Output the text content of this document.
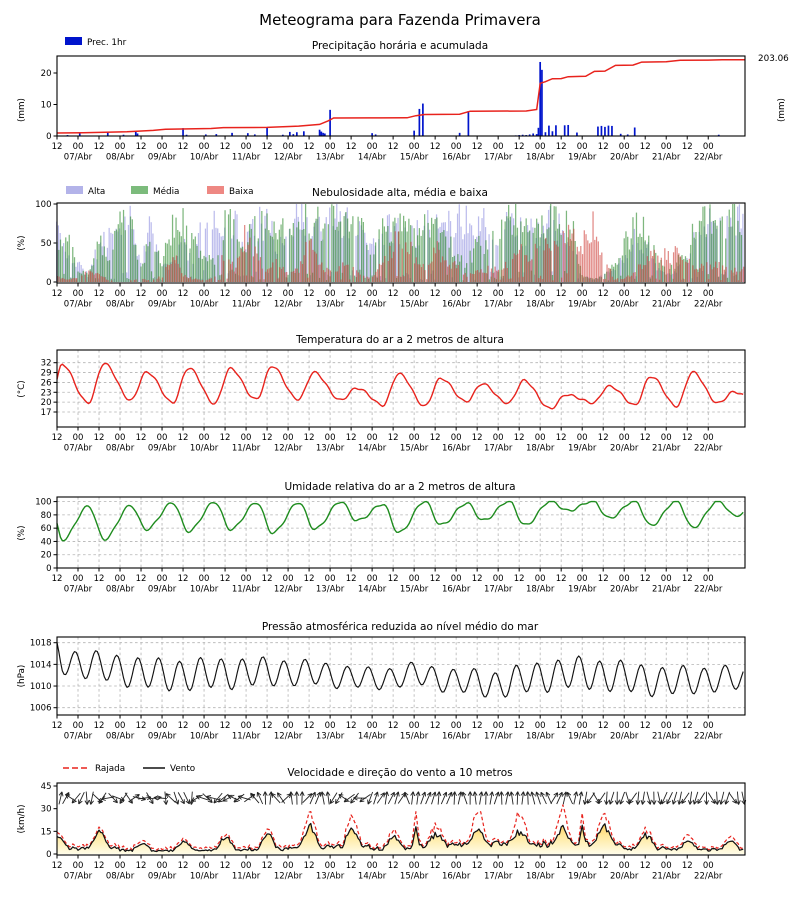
Meteograma para Fazenda Primavera
Precipitação horária e acumulada
Prec. 1hr
(mm)
203.06
(mm)
Nebulosidade alta, média e baixa
Alta	Média	Baixa
(%)
Temperatura do ar a 2 metros de altura
(°C)
Umidade relativa do ar a 2 metros de altura
(%)
Pressão atmosférica reduzida ao nível médio do mar
(hPa)
Velocidade e direção do vento a 10 metros
Rajada	Vento
(km/h)
12 00
07/Abr
12 00
08/Abr
12 00
09/Abr
12 00
10/Abr
12 00
11/Abr
12 00
12/Abr
12 00
13/Abr
12 00
14/Abr
12 00
15/Abr
12 00
16/Abr
12 00
17/Abr
12 00
18/Abr
12 00
19/Abr
12 00
20/Abr
12 00
21/Abr
12 00
22/Abr
0
10
20
12 00
07/Abr
12 00
08/Abr
12 00
09/Abr
12 00
10/Abr
12 00
11/Abr
12 00
12/Abr
12 00
13/Abr
12 00
14/Abr
12 00
15/Abr
12 00
16/Abr
12 00
17/Abr
12 00
18/Abr
12 00
19/Abr
12 00
20/Abr
12 00
21/Abr
12 00
22/Abr
0
50
100
12 00
07/Abr
12 00
08/Abr
12 00
09/Abr
12 00
10/Abr
12 00
11/Abr
12 00
12/Abr
12 00
13/Abr
12 00
14/Abr
12 00
15/Abr
12 00
16/Abr
12 00
17/Abr
12 00
18/Abr
12 00
19/Abr
12 00
20/Abr
12 00
21/Abr
12 00
22/Abr
17
20
23
26
29
32
12 00
07/Abr
12 00
08/Abr
12 00
09/Abr
12 00
10/Abr
12 00
11/Abr
12 00
12/Abr
12 00
13/Abr
12 00
14/Abr
12 00
15/Abr
12 00
16/Abr
12 00
17/Abr
12 00
18/Abr
12 00
19/Abr
12 00
20/Abr
12 00
21/Abr
12 00
22/Abr
0
20
40
60
80
100
12 00
07/Abr
12 00
08/Abr
12 00
09/Abr
12 00
10/Abr
12 00
11/Abr
12 00
12/Abr
12 00
13/Abr
12 00
14/Abr
12 00
15/Abr
12 00
16/Abr
12 00
17/Abr
12 00
18/Abr
12 00
19/Abr
12 00
20/Abr
12 00
21/Abr
12 00
22/Abr
1006
1010
1014
1018
12 00
07/Abr
12 00
08/Abr
12 00
09/Abr
12 00
10/Abr
12 00
11/Abr
12 00
12/Abr
12 00
13/Abr
12 00
14/Abr
12 00
15/Abr
12 00
16/Abr
12 00
17/Abr
12 00
18/Abr
12 00
19/Abr
12 00
20/Abr
12 00
21/Abr
12 00
22/Abr
0
15
30
45
